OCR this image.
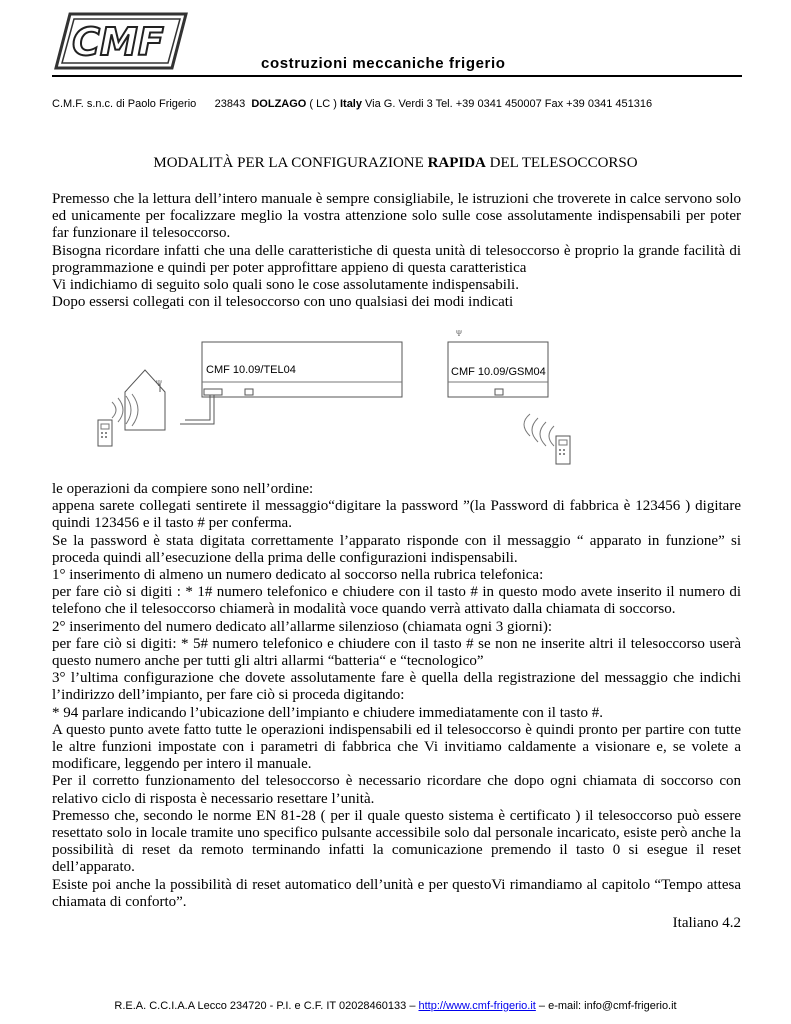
CMF	costruzioni meccaniche frigerio
C.M.F. s.n.c. di Paolo Frigerio 23843 DOLZAGO ( LC ) Italy Via G. Verdi 3 Tel. +39 0341 450007 Fax +39 0341 451316
MODALITÀ PER LA CONFIGURAZIONE RAPIDA DEL TELESOCCORSO

Premesso che la lettura dell’intero manuale è sempre consigliabile, le istruzioni che troverete in calce servono solo ed unicamente per focalizzare meglio la vostra attenzione solo sulle cose assolutamente indispensabili per poter far funzionare il telesoccorso.

Bisogna ricordare infatti che una delle caratteristiche di questa unità di telesoccorso è proprio la grande facilità di programmazione e quindi per poter approfittare appieno di questa caratteristica

Vi indichiamo di seguito solo quali sono le cose assolutamente indispensabili.

Dopo essersi collegati con il telesoccorso con uno qualsiasi dei modi indicati

CMF 10.09/TEL04
Ψ
CMF 10.09/GSM04
Ψ

le operazioni da compiere sono nell’ordine:

appena sarete collegati sentirete il messaggio“digitare la password ”(la Password di fabbrica è 123456 ) digitare quindi 123456 e il tasto # per conferma.

Se la password è stata digitata correttamente l’apparato risponde con il messaggio “ apparato in funzione” si proceda quindi all’esecuzione della prima delle configurazioni indispensabili.

1° inserimento di almeno un numero dedicato al soccorso nella rubrica telefonica:

per fare ciò si digiti : * 1# numero telefonico e chiudere con il tasto # in questo modo avete inserito il numero di telefono che il telesoccorso chiamerà in modalità voce quando verrà attivato dalla chiamata di soccorso.

2° inserimento del numero dedicato all’allarme silenzioso (chiamata ogni 3 giorni):

per fare ciò si digiti: * 5# numero telefonico e chiudere con il tasto # se non ne inserite altri il telesoccorso userà questo numero anche per tutti gli altri allarmi “batteria“ e “tecnologico”

3° l’ultima configurazione che dovete assolutamente fare è quella della registrazione del messaggio che indichi l’indirizzo dell’impianto, per fare ciò si proceda digitando:

* 94 parlare indicando l’ubicazione dell’impianto e chiudere immediatamente con il tasto #.

A questo punto avete fatto tutte le operazioni indispensabili ed il telesoccorso è quindi pronto per partire con tutte le altre funzioni impostate con i parametri di fabbrica che Vi invitiamo caldamente a visionare e, se volete a modificare, leggendo per intero il manuale.

Per il corretto funzionamento del telesoccorso è necessario ricordare che dopo ogni chiamata di soccorso con relativo ciclo di risposta è necessario resettare l’unità.

Premesso che, secondo le norme EN 81-28 ( per il quale questo sistema è certificato ) il telesoccorso può essere resettato solo in locale tramite uno specifico pulsante accessibile solo dal personale incaricato, esiste però anche la possibilità di reset da remoto terminando infatti la comunicazione premendo il tasto 0 si esegue il reset dell’apparato.

Esiste poi anche la possibilità di reset automatico dell’unità e per questoVi rimandiamo al capitolo “Tempo attesa chiamata di conforto”.

Italiano 4.2

R.E.A. C.C.I.A.A Lecco 234720 - P.I. e C.F. IT 02028460133 – http://www.cmf-frigerio.it – e-mail: info@cmf-frigerio.it
